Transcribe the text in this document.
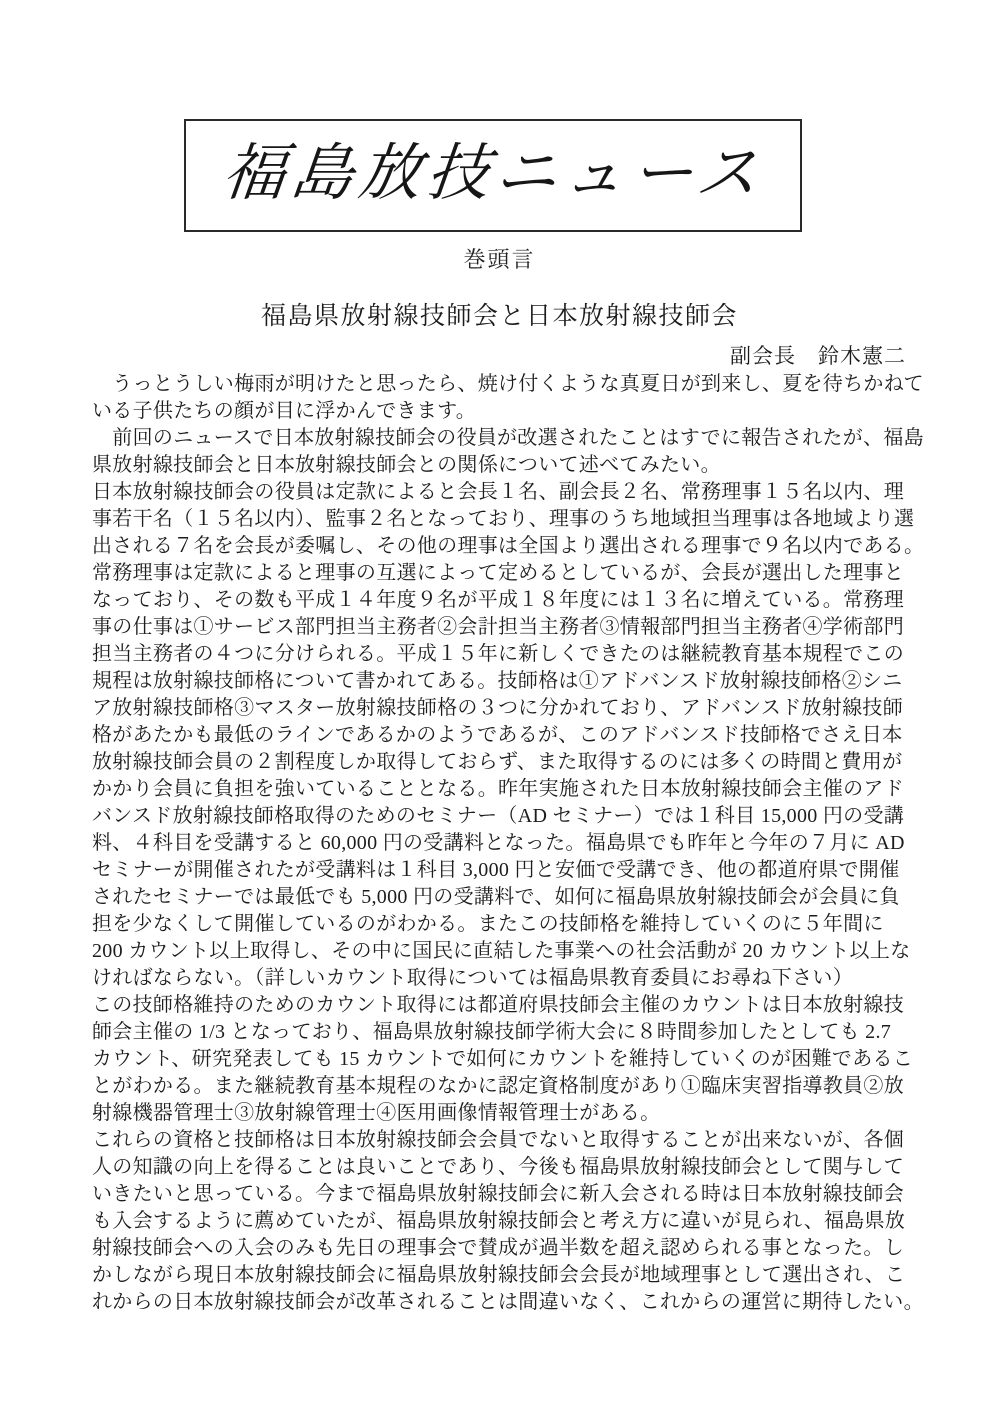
福島放技ニュース
巻頭言
福島県放射線技師会と日本放射線技師会
副会長　鈴木憲二
　うっとうしい梅雨が明けたと思ったら、焼け付くような真夏日が到来し、夏を待ちかねて
いる子供たちの顔が目に浮かんできます。
　前回のニュースで日本放射線技師会の役員が改選されたことはすでに報告されたが、福島
県放射線技師会と日本放射線技師会との関係について述べてみたい。
日本放射線技師会の役員は定款によると会長１名、副会長２名、常務理事１５名以内、理
事若干名（１５名以内）、監事２名となっており、理事のうち地域担当理事は各地域より選
出される７名を会長が委嘱し、その他の理事は全国より選出される理事で９名以内である。
常務理事は定款によると理事の互選によって定めるとしているが、会長が選出した理事と
なっており、その数も平成１４年度９名が平成１８年度には１３名に増えている。常務理
事の仕事は①サービス部門担当主務者②会計担当主務者③情報部門担当主務者④学術部門
担当主務者の４つに分けられる。平成１５年に新しくできたのは継続教育基本規程でこの
規程は放射線技師格について書かれてある。技師格は①アドバンスド放射線技師格②シニ
ア放射線技師格③マスター放射線技師格の３つに分かれており、アドバンスド放射線技師
格があたかも最低のラインであるかのようであるが、このアドバンスド技師格でさえ日本
放射線技師会員の２割程度しか取得しておらず、また取得するのには多くの時間と費用が
かかり会員に負担を強いていることとなる。昨年実施された日本放射線技師会主催のアド
バンスド放射線技師格取得のためのセミナー（AD セミナー）では１科目 15,000 円の受講
料、４科目を受講すると 60,000 円の受講料となった。福島県でも昨年と今年の７月に AD
セミナーが開催されたが受講料は１科目 3,000 円と安価で受講でき、他の都道府県で開催
されたセミナーでは最低でも 5,000 円の受講料で、如何に福島県放射線技師会が会員に負
担を少なくして開催しているのがわかる。またこの技師格を維持していくのに５年間に
200 カウント以上取得し、その中に国民に直結した事業への社会活動が 20 カウント以上な
ければならない。（詳しいカウント取得については福島県教育委員にお尋ね下さい）
この技師格維持のためのカウント取得には都道府県技師会主催のカウントは日本放射線技
師会主催の 1/3 となっており、福島県放射線技師学術大会に８時間参加したとしても 2.7
カウント、研究発表しても 15 カウントで如何にカウントを維持していくのが困難であるこ
とがわかる。また継続教育基本規程のなかに認定資格制度があり①臨床実習指導教員②放
射線機器管理士③放射線管理士④医用画像情報管理士がある。
これらの資格と技師格は日本放射線技師会会員でないと取得することが出来ないが、各個
人の知識の向上を得ることは良いことであり、今後も福島県放射線技師会として関与して
いきたいと思っている。今まで福島県放射線技師会に新入会される時は日本放射線技師会
も入会するように薦めていたが、福島県放射線技師会と考え方に違いが見られ、福島県放
射線技師会への入会のみも先日の理事会で賛成が過半数を超え認められる事となった。し
かしながら現日本放射線技師会に福島県放射線技師会会長が地域理事として選出され、こ
れからの日本放射線技師会が改革されることは間違いなく、これからの運営に期待したい。
